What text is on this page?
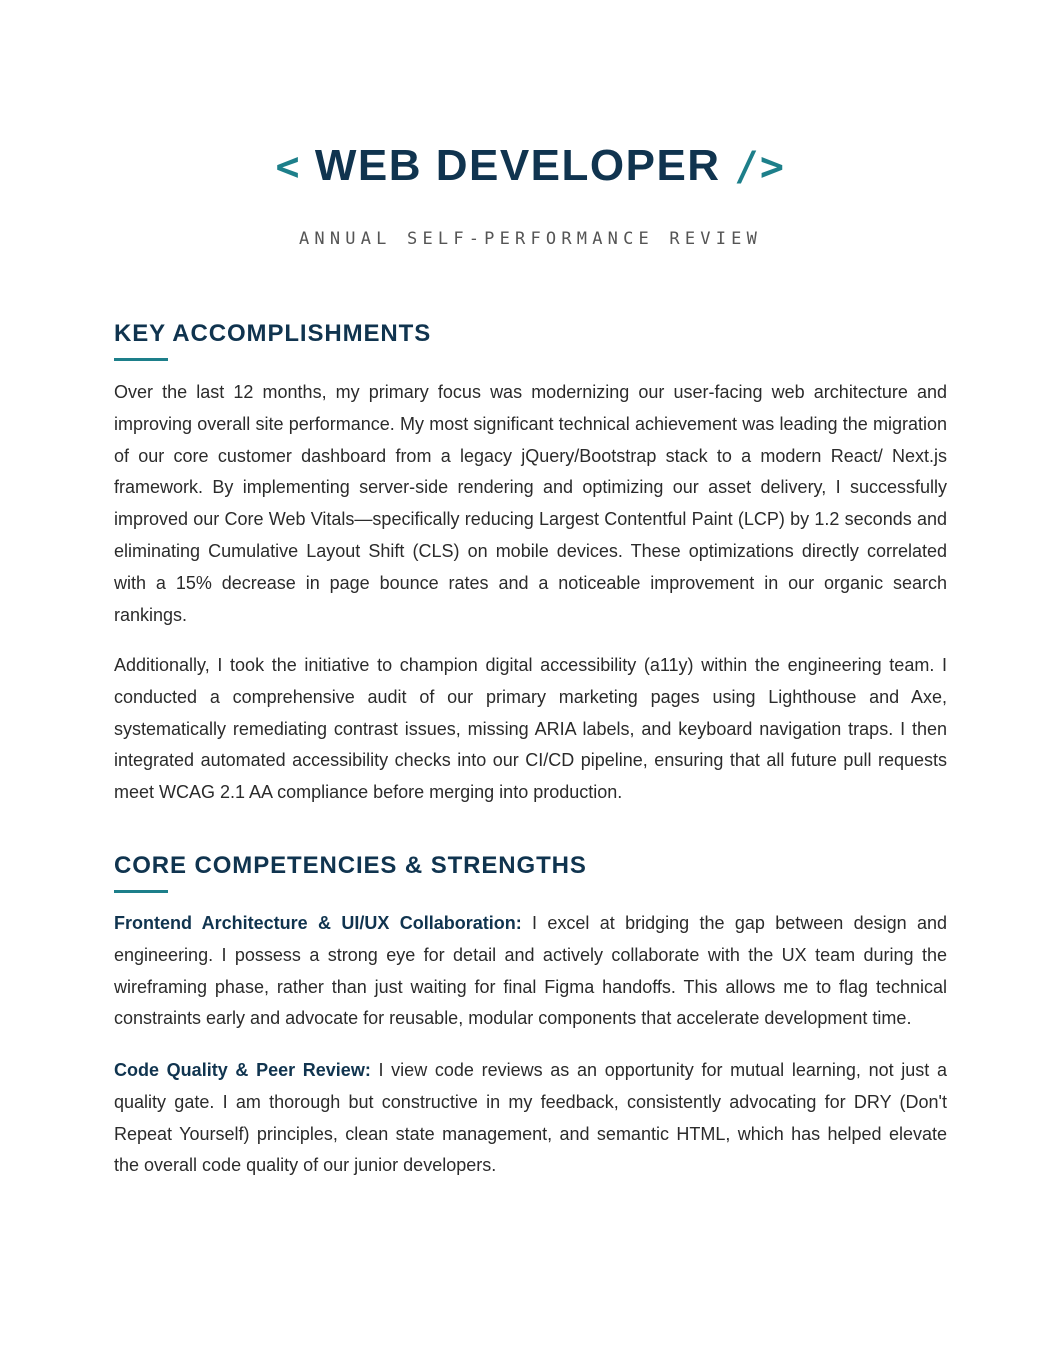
< WEB DEVELOPER />
ANNUAL SELF-PERFORMANCE REVIEW
KEY ACCOMPLISHMENTS

Over the last 12 months, my primary focus was modernizing our user-facing web architecture and improving overall site performance. My most significant technical achievement was leading the migration of our core customer dashboard from a legacy jQuery/Bootstrap stack to a modern React/ Next.js framework. By implementing server-side rendering and optimizing our asset delivery, I successfully improved our Core Web Vitals—specifically reducing Largest Contentful Paint (LCP) by 1.2 seconds and eliminating Cumulative Layout Shift (CLS) on mobile devices. These optimizations directly correlated with a 15% decrease in page bounce rates and a noticeable improvement in our organic search rankings.

Additionally, I took the initiative to champion digital accessibility (a11y) within the engineering team. I conducted a comprehensive audit of our primary marketing pages using Lighthouse and Axe, systematically remediating contrast issues, missing ARIA labels, and keyboard navigation traps. I then integrated automated accessibility checks into our CI/CD pipeline, ensuring that all future pull requests meet WCAG 2.1 AA compliance before merging into production.

CORE COMPETENCIES & STRENGTHS

Frontend Architecture & UI/UX Collaboration: I excel at bridging the gap between design and engineering. I possess a strong eye for detail and actively collaborate with the UX team during the wireframing phase, rather than just waiting for final Figma handoffs. This allows me to flag technical constraints early and advocate for reusable, modular components that accelerate development time.

Code Quality & Peer Review: I view code reviews as an opportunity for mutual learning, not just a quality gate. I am thorough but constructive in my feedback, consistently advocating for DRY (Don't Repeat Yourself) principles, clean state management, and semantic HTML, which has helped elevate the overall code quality of our junior developers.
